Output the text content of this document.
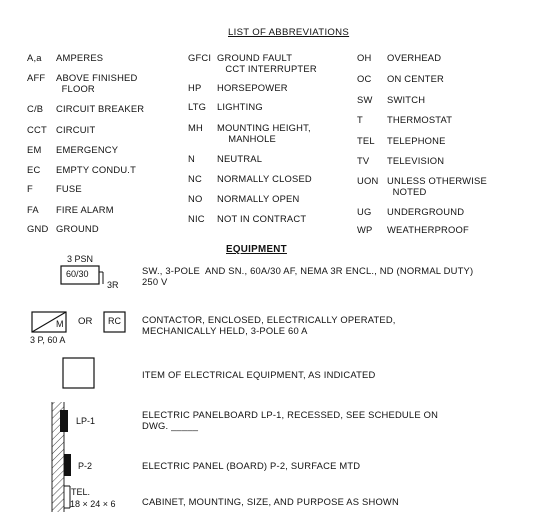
LIST OF ABBREVIATIONS
A,a AMPERES
AFF ABOVE FINISHED
FLOOR
C/B CIRCUIT BREAKER
CCT CIRCUIT
EM EMERGENCY
EC EMPTY CONDU.T
F FUSE
FA FIRE ALARM
GND GROUND
GFCI GROUND FAULT
CCT INTERRUPTER
HP HORSEPOWER
LTG LIGHTING
MH MOUNTING HEIGHT,
MANHOLE
N NEUTRAL
NC NORMALLY CLOSED
NO NORMALLY OPEN
NIC NOT IN CONTRACT
OH OVERHEAD
OC ON CENTER
SW SWITCH
T	THERMOSTAT
TEL TELEPHONE
TV TELEVISION
UON UNLESS OTHERWISE
NOTED
UG UNDERGROUND
WP WEATHERPROOF
EQUIPMENT
3 PSN
60/30
3R
M OR RC
3 P, 60 A
LP-1
P-2
TEL.
18 × 24 × 6
SW., 3-POLE  AND SN., 60A/30 AF, NEMA 3R ENCL., ND (NORMAL DUTY)
250 V
CONTACTOR, ENCLOSED, ELECTRICALLY OPERATED,
MECHANICALLY HELD, 3-POLE 60 A
ITEM OF ELECTRICAL EQUIPMENT, AS INDICATED
ELECTRIC PANELBOARD LP-1, RECESSED, SEE SCHEDULE ON
DWG. _____
ELECTRIC PANEL (BOARD) P-2, SURFACE MTD
CABINET, MOUNTING, SIZE, AND PURPOSE AS SHOWN
